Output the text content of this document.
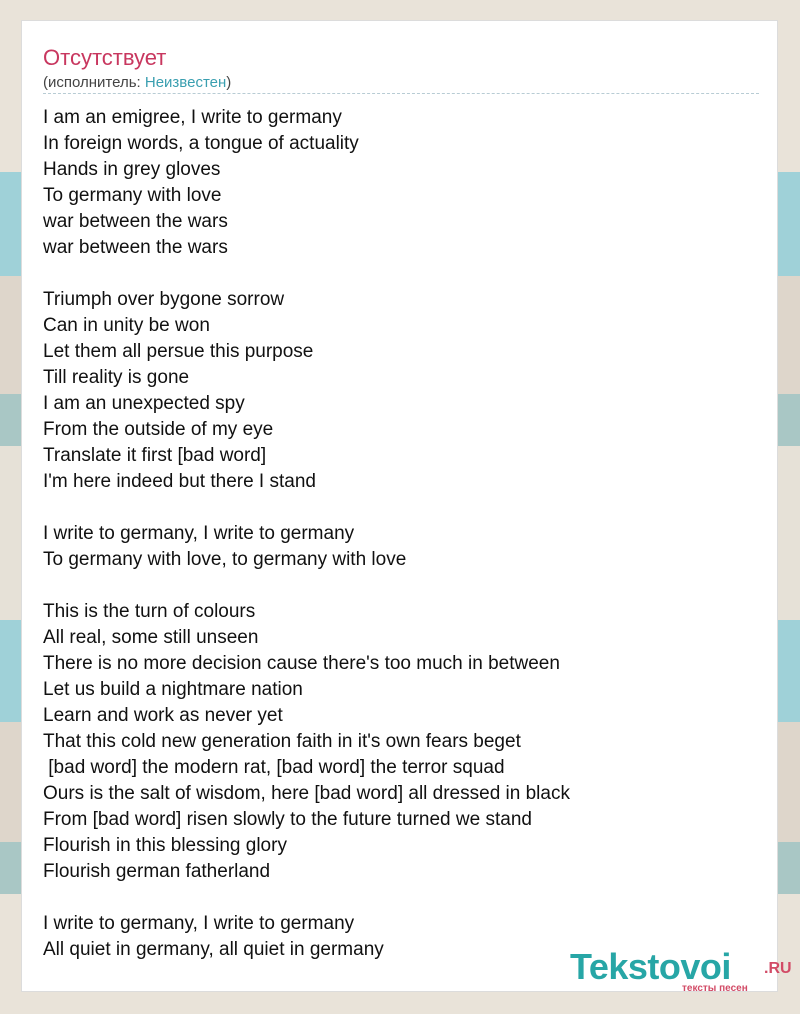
Отсутствует
(исполнитель: Неизвестен)
I am an emigree, I write to germany
In foreign words, a tongue of actuality
Hands in grey gloves
To germany with love
war between the wars
war between the wars
Triumph over bygone sorrow
Can in unity be won
Let them all persue this purpose
Till reality is gone
I am an unexpected spy
From the outside of my eye
Translate it first [bad word]
I'm here indeed but there I stand
I write to germany, I write to germany
To germany with love, to germany with love
This is the turn of colours
All real, some still unseen
There is no more decision cause there's too much in between
Let us build a nightmare nation
Learn and work as never yet
That this cold new generation faith in it's own fears beget
[bad word] the modern rat, [bad word] the terror squad
Ours is the salt of wisdom, here [bad word] all dressed in black
From [bad word] risen slowly to the future turned we stand
Flourish in this blessing glory
Flourish german fatherland
I write to germany, I write to germany
All quiet in germany, all quiet in germany	Tekstovoi .RU
тексты песен
